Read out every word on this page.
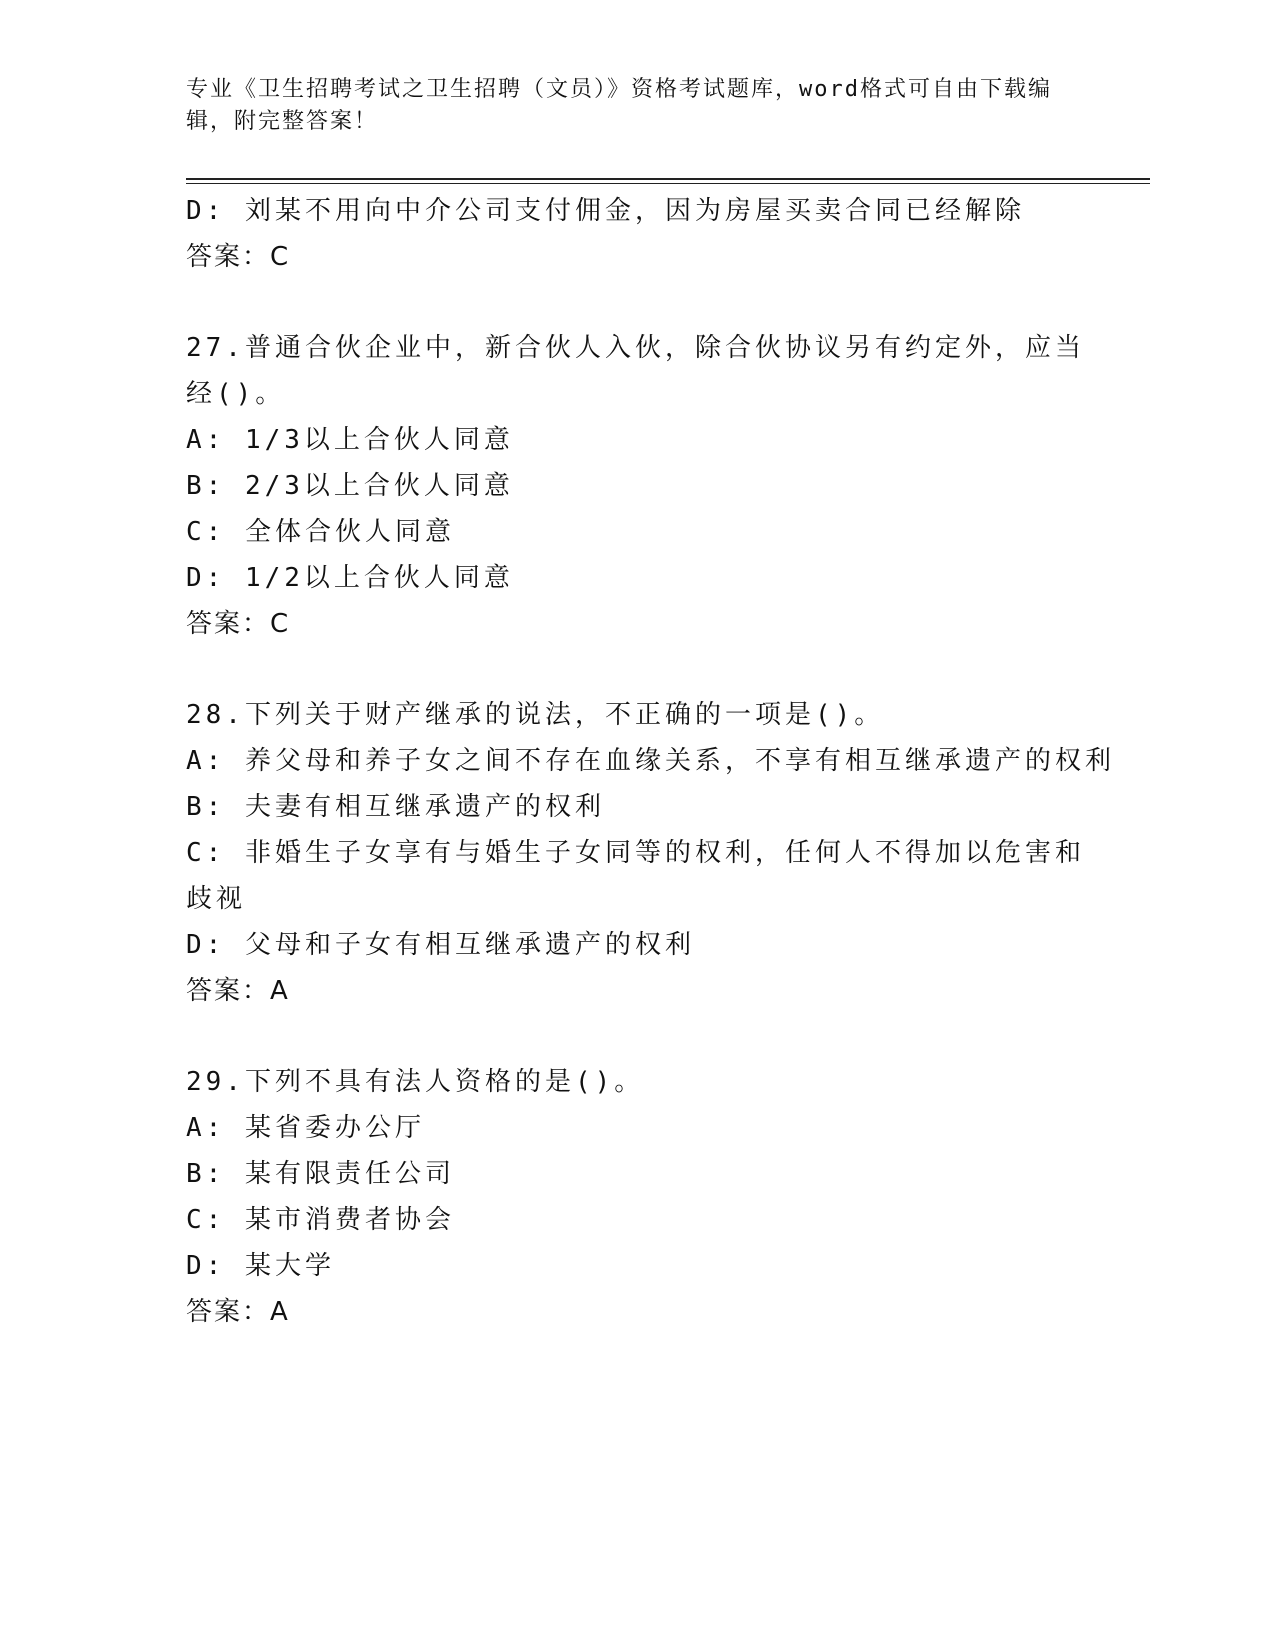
专业《卫生招聘考试之卫生招聘（文员）》资格考试题库，word格式可自由下载编辑，附完整答案！
D: 刘某不用向中介公司支付佣金，因为房屋买卖合同已经解除
答案：C
27.普通合伙企业中，新合伙人入伙，除合伙协议另有约定外，应当经()。
A: 1/3以上合伙人同意
B: 2/3以上合伙人同意
C: 全体合伙人同意
D: 1/2以上合伙人同意
答案：C
28.下列关于财产继承的说法，不正确的一项是()。
A: 养父母和养子女之间不存在血缘关系，不享有相互继承遗产的权利
B: 夫妻有相互继承遗产的权利
C: 非婚生子女享有与婚生子女同等的权利，任何人不得加以危害和歧视
D: 父母和子女有相互继承遗产的权利
答案：A
29.下列不具有法人资格的是()。
A: 某省委办公厅
B: 某有限责任公司
C: 某市消费者协会
D: 某大学
答案：A
